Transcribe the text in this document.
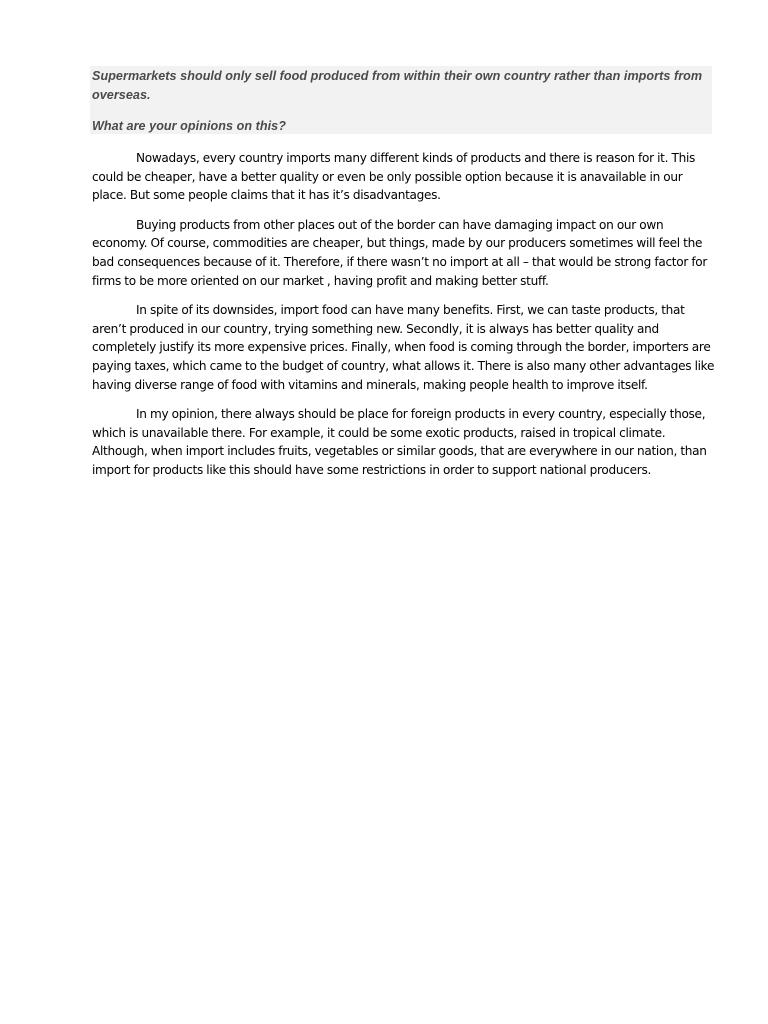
Supermarkets should only sell food produced from within their own country rather than imports from

overseas.

What are your opinions on this?

Nowadays, every country imports many different kinds of products and there is reason for it. This could be cheaper, have a better quality or even be only possible option because it is anavailable in our place. But some people claims that it has it’s disadvantages.

Buying products from other places out of the border can have damaging impact on our own economy. Of course, commodities are cheaper, but things, made by our producers sometimes will feel the bad consequences because of it. Therefore, if there wasn’t no import at all – that would be strong factor for firms to be more oriented on our market , having profit and making better stuff.

In spite of its downsides, import food can have many benefits. First, we can taste products, that aren’t produced in our country, trying something new. Secondly, it is always has better quality and completely justify its more expensive prices. Finally, when food is coming through the border, importers are paying taxes, which came to the budget of country, what allows it. There is also many other advantages like having diverse range of food with vitamins and minerals, making people health to improve itself.

In my opinion, there always should be place for foreign products in every country, especially those, which is unavailable there. For example, it could be some exotic products, raised in tropical climate. Although, when import includes fruits, vegetables or similar goods, that are everywhere in our nation, than import for products like this should have some restrictions in order to support national producers.
